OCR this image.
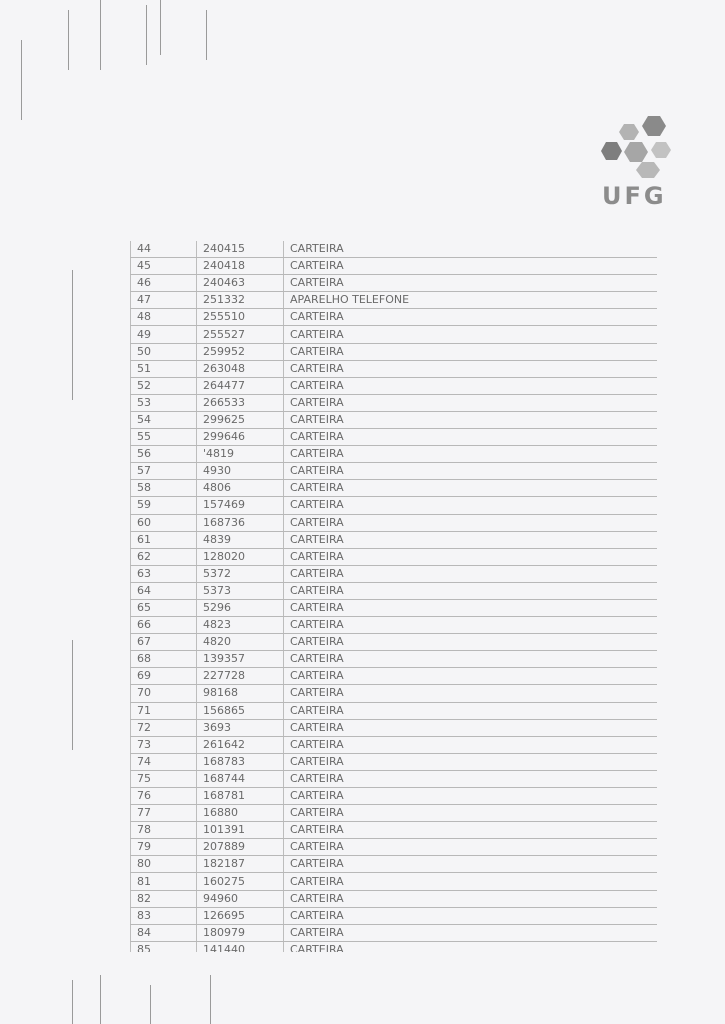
UFG
44	240415	CARTEIRA
45	240418	CARTEIRA
46	240463	CARTEIRA
47	251332	APARELHO TELEFONE
48	255510	CARTEIRA
49	255527	CARTEIRA
50	259952	CARTEIRA
51	263048	CARTEIRA
52	264477	CARTEIRA
53	266533	CARTEIRA
54	299625	CARTEIRA
55	299646	CARTEIRA
56	'4819	CARTEIRA
57	4930	CARTEIRA
58	4806	CARTEIRA
59	157469	CARTEIRA
60	168736	CARTEIRA
61	4839	CARTEIRA
62	128020	CARTEIRA
63	5372	CARTEIRA
64	5373	CARTEIRA
65	5296	CARTEIRA
66	4823	CARTEIRA
67	4820	CARTEIRA
68	139357	CARTEIRA
69	227728	CARTEIRA
70	98168	CARTEIRA
71	156865	CARTEIRA
72	3693	CARTEIRA
73	261642	CARTEIRA
74	168783	CARTEIRA
75	168744	CARTEIRA
76	168781	CARTEIRA
77	16880	CARTEIRA
78	101391	CARTEIRA
79	207889	CARTEIRA
80	182187	CARTEIRA
81	160275	CARTEIRA
82	94960	CARTEIRA
83	126695	CARTEIRA
84	180979	CARTEIRA
85	141440	CARTEIRA
